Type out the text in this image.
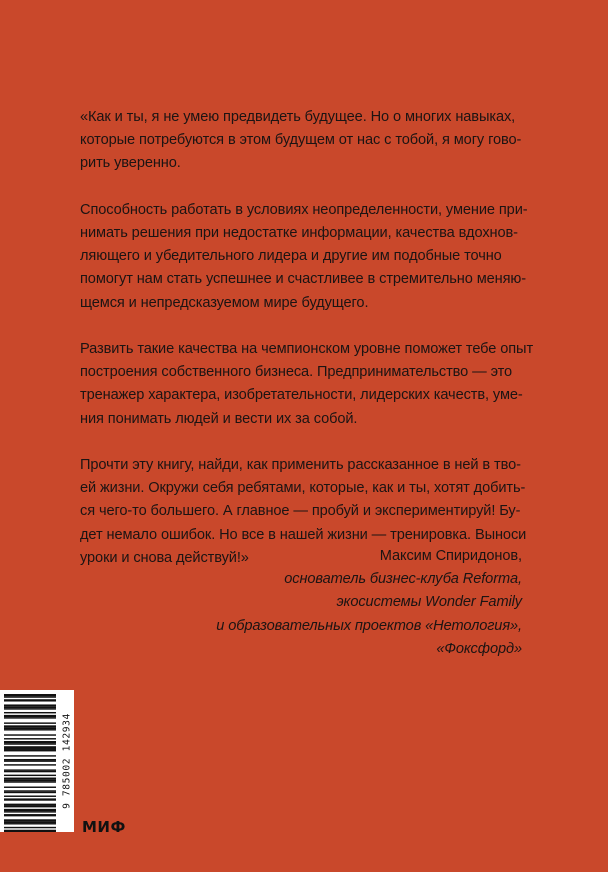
«Как и ты, я не умею предвидеть будущее. Но о многих навыках,

которые потребуются в этом будущем от нас с тобой, я могу гово-

рить уверенно.

Способность работать в условиях неопределенности, умение при-

нимать решения при недостатке информации, качества вдохнов-

ляющего и убедительного лидера и другие им подобные точно

помогут нам стать успешнее и счастливее в стремительно меняю-

щемся и непредсказуемом мире будущего.

Развить такие качества на чемпионском уровне поможет тебе опыт

построения собственного бизнеса. Предпринимательство — это

тренажер характера, изобретательности, лидерских качеств, уме-

ния понимать людей и вести их за собой.

Прочти эту книгу, найди, как применить рассказанное в ней в тво-

ей жизни. Окружи себя ребятами, которые, как и ты, хотят добить-

ся чего-то большего. А главное — пробуй и экспериментируй! Бу-

дет немало ошибок. Но все в нашей жизни — тренировка. Выноси

уроки и снова действуй!»	Максим Спиридонов,
основатель бизнес-клуба Reforma,
экосистемы Wonder Family
и образовательных проектов «Нетология»,
«Фоксфорд»
9 785002 142934
МИФ
